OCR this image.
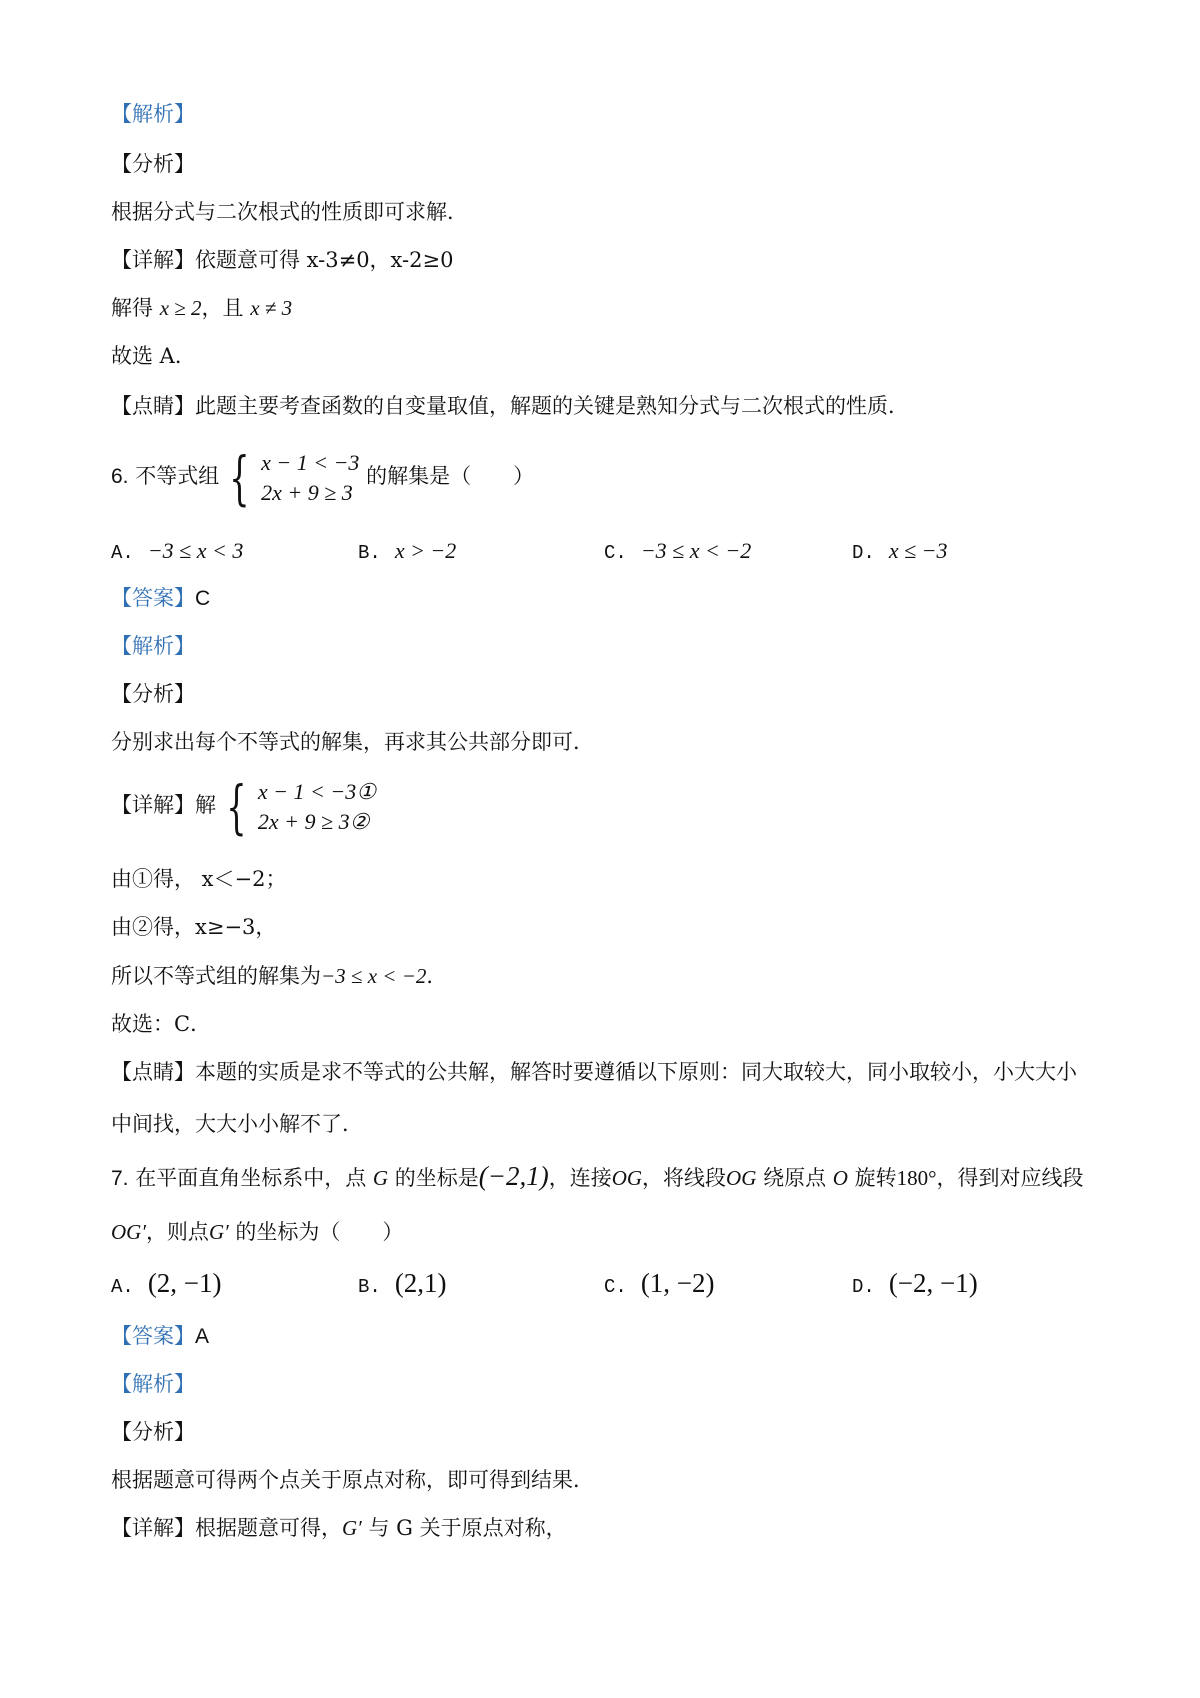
【解析】
【分析】
根据分式与二次根式的性质即可求解．
【详解】依题意可得 x-3≠0，x-2≥0
解得 x ≥ 2，且 x ≠ 3
故选 A．
【点睛】此题主要考查函数的自变量取值，解题的关键是熟知分式与二次根式的性质．
6. 不等式组 { x − 1 < −3
2x + 9 ≥ 3 的解集是（　　）
A. −3 ≤ x < 3	B. x > −2	C. −3 ≤ x < −2	D. x ≤ −3
【答案】C
【解析】
【分析】
分别求出每个不等式的解集，再求其公共部分即可．
【详解】解 { x − 1 < −3①
2x + 9 ≥ 3②
由①得， x＜−2；
由②得，x≥−3，
所以不等式组的解集为−3 ≤ x < −2．
故选：C．
【点睛】本题的实质是求不等式的公共解，解答时要遵循以下原则：同大取较大，同小取较小，小大大小
中间找，大大小小解不了．
7. 在平面直角坐标系中，点 G 的坐标是(−2,1)，连接OG，将线段OG 绕原点 O 旋转180°，得到对应线段
OG′，则点G′ 的坐标为（　　）
A. (2, −1)	B. (2,1)	C. (1, −2)	D. (−2, −1)
【答案】A
【解析】
【分析】
根据题意可得两个点关于原点对称，即可得到结果．
【详解】根据题意可得，G′ 与 G 关于原点对称，
